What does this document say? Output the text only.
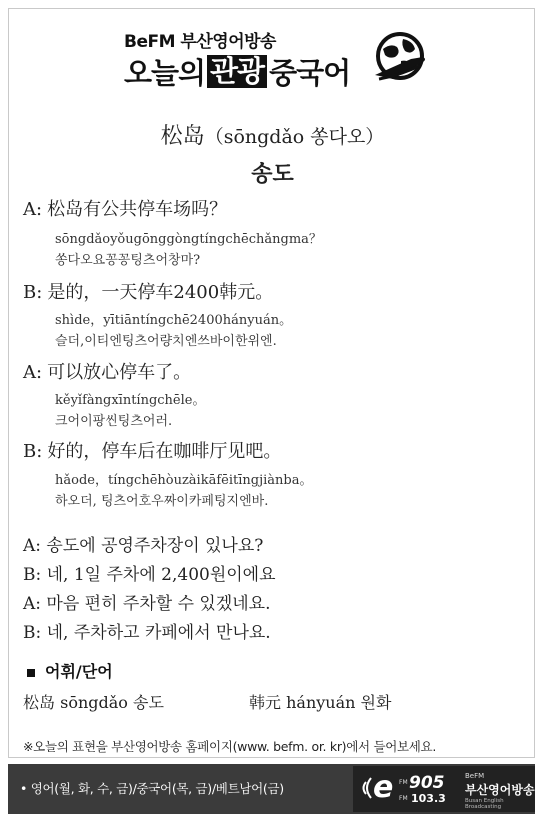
BeFM 부산영어방송
오늘의 관광 중국어
松岛（sōngdǎo 쏭다오）
송도
A: 松岛有公共停车场吗？
sōngdǎoyǒugōnggòngtíngchēchǎngma？
쏭다오요꽁꽁팅츠어창마?
B: 是的，一天停车2400韩元。
shìde，yītiāntíngchē2400hányuán。
슬더,이티엔팅츠어량치엔쓰바이한위엔.
A: 可以放心停车了。
kěyǐfàngxīntíngchēle。
크어이팡씬팅츠어러.
B: 好的，停车后在咖啡厅见吧。
hǎode，tíngchēhòuzàikāfēitīngjiànba。
하오더, 팅츠어호우짜이카페팅지엔바.
A: 송도에 공영주차장이 있나요?
B: 네, 1일 주차에 2,400원이에요
A: 마음 편히 주차할 수 있겠네요.
B: 네, 주차하고 카페에서 만나요.
어휘/단어
松岛 sōngdǎo 송도	韩元 hányuán 원화
※오늘의 표현을 부산영어방송 홈페이지(www. befm. or. kr)에서 들어보세요.
• 영어(월, 화, 수, 금)/중국어(목, 금)/베트남어(금)	e FM 905
FM 103.3
BeFM
부산영어방송
Busan English Broadcasting
